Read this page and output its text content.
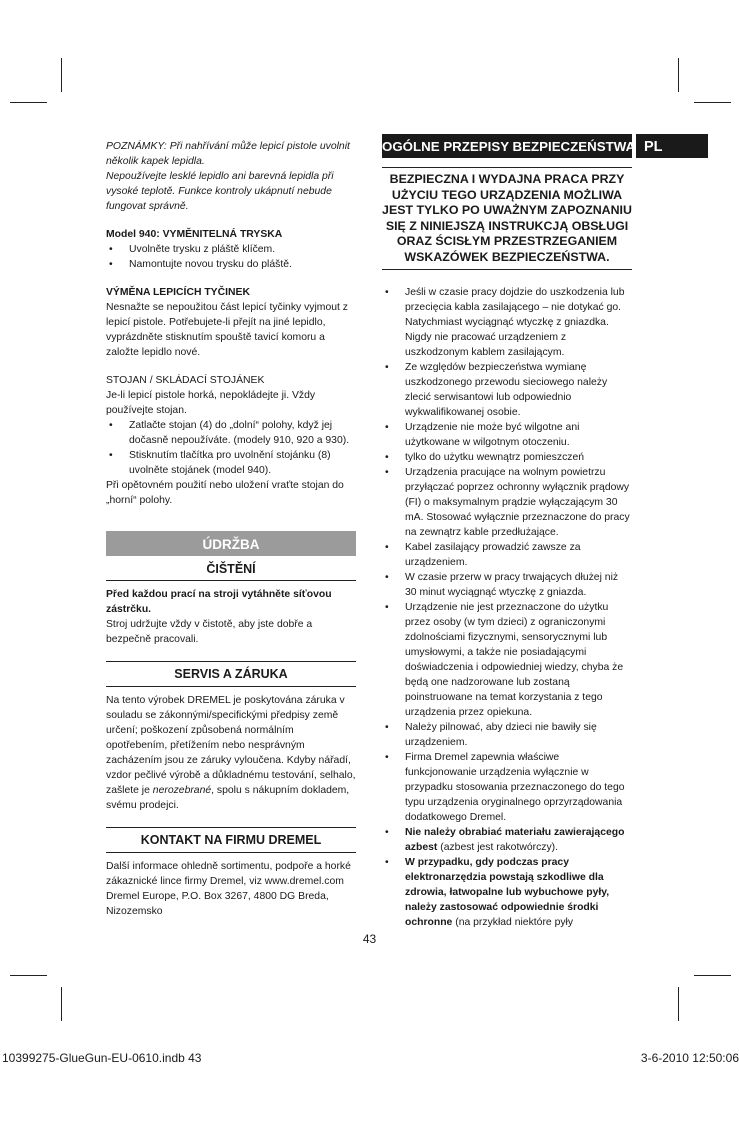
POZNÁMKY: Při nahřívání může lepicí pistole uvolnit několik kapek lepidla.

Nepoužívejte lesklé lepidlo ani barevná lepidla při vysoké teplotě. Funkce kontroly ukápnutí nebude fungovat správně.

Model 940: VYMĚNITELNÁ TRYSKA

• Uvolněte trysku z pláště klíčem.
• Namontujte novou trysku do pláště.

VÝMĚNA LEPICÍCH TYČINEK

Nesnažte se nepoužitou část lepicí tyčinky vyjmout z lepicí pistole. Potřebujete-li přejít na jiné lepidlo, vyprázdněte stisknutím spouště tavicí komoru a založte lepidlo nové.

STOJAN / SKLÁDACÍ STOJÁNEK

Je-li lepicí pistole horká, nepokládejte ji. Vždy používejte stojan.

• Zatlačte stojan (4) do „dolní“ polohy, když jej dočasně nepoužíváte. (modely 910, 920 a 930).
• Stisknutím tlačítka pro uvolnění stojánku (8) uvolněte stojánek (model 940).

Při opětovném použití nebo uložení vraťte stojan do „horní“ polohy.

ÚDRŽBA
ČIŠTĚNÍ

Před každou prací na stroji vytáhněte síťovou zástrčku.

Stroj udržujte vždy v čistotě, aby jste dobře a bezpečně pracovali.

SERVIS A ZÁRUKA

Na tento výrobek DREMEL je poskytována záruka v souladu se zákonnými/specifickými předpisy země určení; poškození způsobená normálním opotřebením, přetížením nebo nesprávným zacházením jsou ze záruky vyloučena. Kdyby nářadí, vzdor pečlivé výrobě a důkladnému testování, selhalo, zašlete je nerozebrané, spolu s nákupním dokladem, svému prodejci.

KONTAKT NA FIRMU DREMEL

Další informace ohledně sortimentu, podpoře a horké zákaznické lince firmy Dremel, viz www.dremel.com Dremel Europe, P.O. Box 3267, 4800 DG Breda, Nizozemsko

OGÓLNE PRZEPISY BEZPIECZEŃSTWA PL
BEZPIECZNA I WYDAJNA PRACA PRZY UŻYCIU TEGO URZĄDZENIA MOŻLIWA JEST TYLKO PO UWAŻNYM ZAPOZNANIU SIĘ Z NINIEJSZĄ INSTRUKCJĄ OBSŁUGI ORAZ ŚCISŁYM PRZESTRZEGANIEM WSKAZÓWEK BEZPIECZEŃSTWA.
• Jeśli w czasie pracy dojdzie do uszkodzenia lub przecięcia kabla zasilającego – nie dotykać go. Natychmiast wyciągnąć wtyczkę z gniazdka. Nigdy nie pracować urządzeniem z uszkodzonym kablem zasilającym.
• Ze względów bezpieczeństwa wymianę uszkodzonego przewodu sieciowego należy zlecić serwisantowi lub odpowiednio wykwalifikowanej osobie.
• Urządzenie nie może być wilgotne ani użytkowane w wilgotnym otoczeniu.
• tylko do użytku wewnątrz pomieszczeń
• Urządzenia pracujące na wolnym powietrzu przyłączać poprzez ochronny wyłącznik prądowy (FI) o maksymalnym prądzie wyłączającym 30 mA. Stosować wyłącznie przeznaczone do pracy na zewnątrz kable przedłużające.
• Kabel zasilający prowadzić zawsze za urządzeniem.
• W czasie przerw w pracy trwających dłużej niż 30 minut wyciągnąć wtyczkę z gniazda.
• Urządzenie nie jest przeznaczone do użytku przez osoby (w tym dzieci) z ograniczonymi zdolnościami fizycznymi, sensorycznymi lub umysłowymi, a także nie posiadającymi doświadczenia i odpowiedniej wiedzy, chyba że będą one nadzorowane lub zostaną poinstruowane na temat korzystania z tego urządzenia przez opiekuna.
• Należy pilnować, aby dzieci nie bawiły się urządzeniem.
• Firma Dremel zapewnia właściwe funkcjonowanie urządzenia wyłącznie w przypadku stosowania przeznaczonego do tego typu urządzenia oryginalnego oprzyrządowania dodatkowego Dremel.
• Nie należy obrabiać materiału zawierającego azbest (azbest jest rakotwórczy).
• W przypadku, gdy podczas pracy elektronarzędzia powstają szkodliwe dla zdrowia, łatwopalne lub wybuchowe pyły, należy zastosować odpowiednie środki ochronne (na przykład niektóre pyły
43
10399275-GlueGun-EU-0610.indb 43	3-6-2010 12:50:06
